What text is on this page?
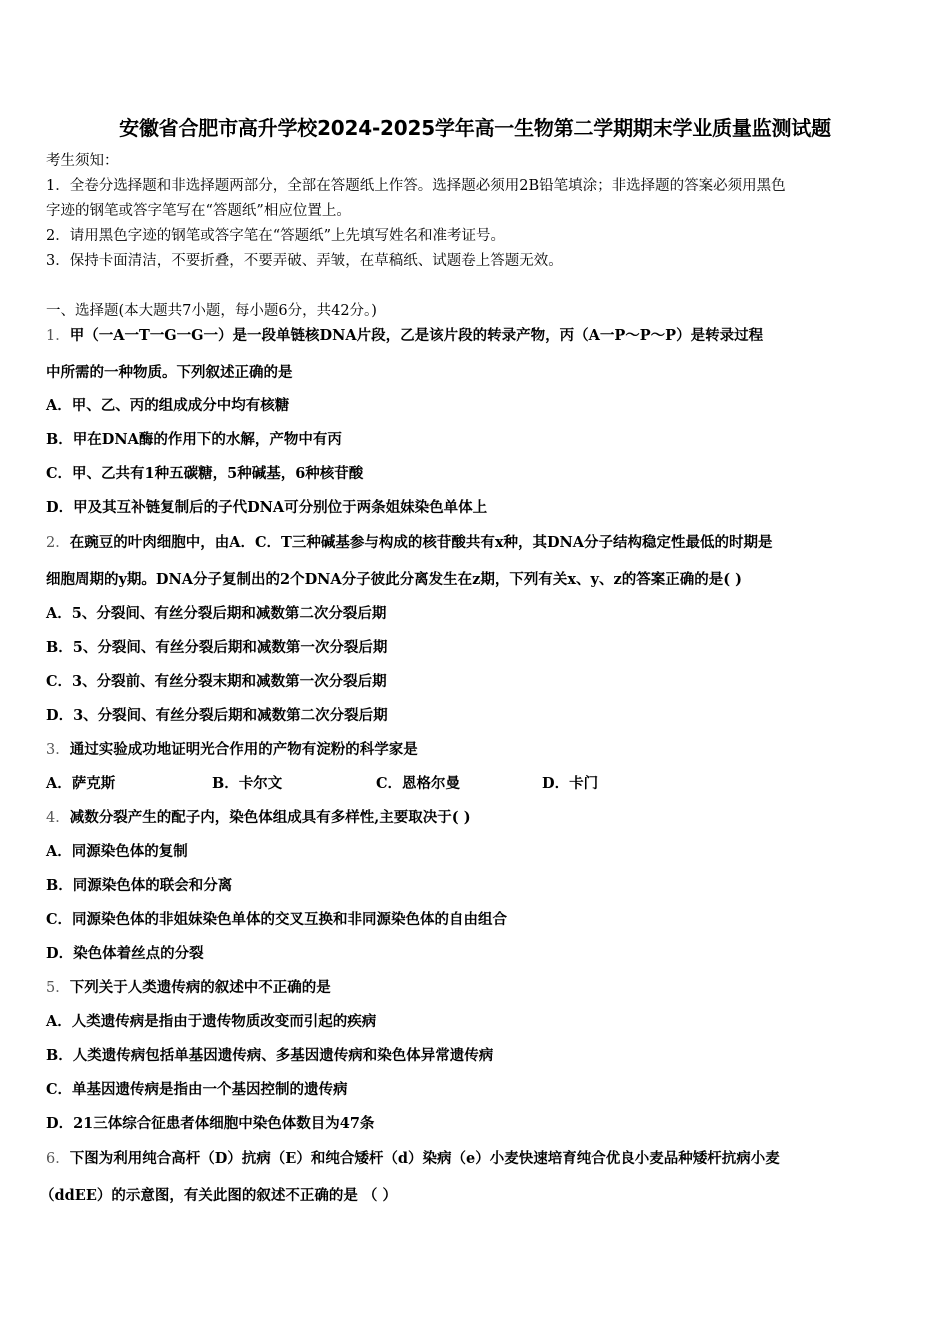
安徽省合肥市高升学校2024-2025学年高一生物第二学期期末学业质量监测试题
考生须知：
1．全卷分选择题和非选择题两部分，全部在答题纸上作答。选择题必须用2B铅笔填涂；非选择题的答案必须用黑色
字迹的钢笔或答字笔写在“答题纸”相应位置上。
2．请用黑色字迹的钢笔或答字笔在“答题纸”上先填写姓名和准考证号。
3．保持卡面清洁，不要折叠，不要弄破、弄皱，在草稿纸、试题卷上答题无效。
一、选择题(本大题共7小题，每小题6分，共42分。)
1．甲（一A一T一G一G一）是一段单链核DNA片段，乙是该片段的转录产物，丙（A一P～P～P）是转录过程
中所需的一种物质。下列叙述正确的是
A．甲、乙、丙的组成成分中均有核糖
B．甲在DNA酶的作用下的水解，产物中有丙
C．甲、乙共有1种五碳糖，5种碱基，6种核苷酸
D．甲及其互补链复制后的子代DNA可分别位于两条姐妹染色单体上
2．在豌豆的叶肉细胞中，由A．C．T三种碱基参与构成的核苷酸共有x种，其DNA分子结构稳定性最低的时期是
细胞周期的y期。DNA分子复制出的2个DNA分子彼此分离发生在z期，下列有关x、y、z的答案正确的是( )
A．5、分裂间、有丝分裂后期和减数第二次分裂后期
B．5、分裂间、有丝分裂后期和减数第一次分裂后期
C．3、分裂前、有丝分裂末期和减数第一次分裂后期
D．3、分裂间、有丝分裂后期和减数第二次分裂后期
3．通过实验成功地证明光合作用的产物有淀粉的科学家是
A．萨克斯	B．卡尔文	C．恩格尔曼	D．卡门
4．减数分裂产生的配子内，染色体组成具有多样性,主要取决于( )
A．同源染色体的复制
B．同源染色体的联会和分离
C．同源染色体的非姐妹染色单体的交叉互换和非同源染色体的自由组合
D．染色体着丝点的分裂
5．下列关于人类遗传病的叙述中不正确的是
A．人类遗传病是指由于遗传物质改变而引起的疾病
B．人类遗传病包括单基因遗传病、多基因遗传病和染色体异常遗传病
C．单基因遗传病是指由一个基因控制的遗传病
D．21三体综合征患者体细胞中染色体数目为47条
6．下图为利用纯合高杆（D）抗病（E）和纯合矮杆（d）染病（e）小麦快速培育纯合优良小麦品种矮杆抗病小麦
（ddEE）的示意图，有关此图的叙述不正确的是 （ ）
